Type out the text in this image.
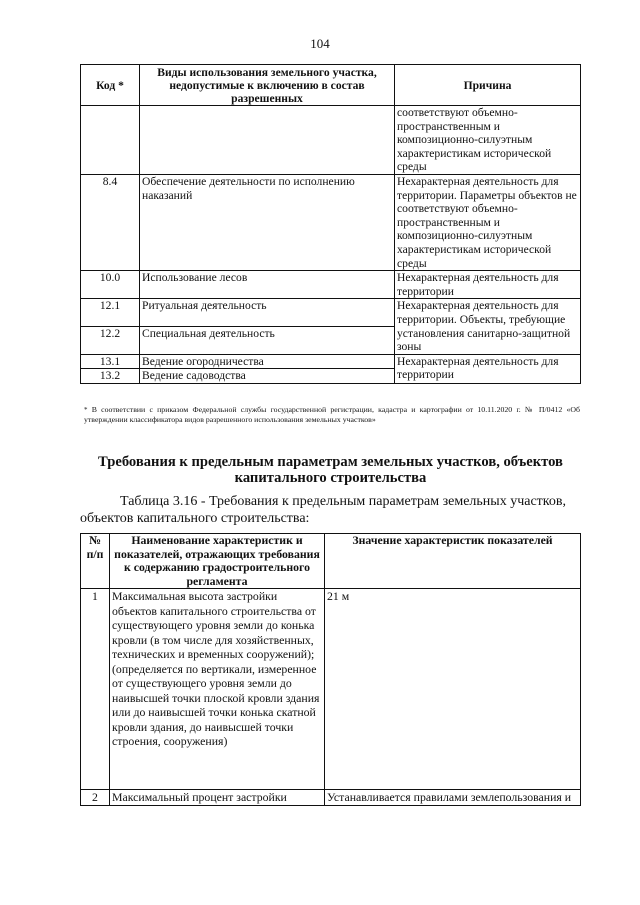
104
Код *	Виды использования земельного участка, недопустимые к включению в состав разрешенных	Причина
		соответствуют объемно-пространственным и композиционно-силуэтным характеристикам исторической среды
8.4	Обеспечение деятельности по исполнению наказаний	Нехарактерная деятельность для территории. Параметры объектов не соответствуют объемно-пространственным и композиционно-силуэтным характеристикам исторической среды
10.0	Использование лесов	Нехарактерная деятельность для территории
12.1	Ритуальная деятельность	Нехарактерная деятельность для территории. Объекты, требующие установления санитарно-защитной зоны
12.2	Специальная деятельность	
13.1	Ведение огородничества	Нехарактерная деятельность для территории
13.2	Ведение садоводства	
* В соответствии с приказом Федеральной службы государственной регистрации, кадастра и картографии от 10.11.2020 г. № П/0412 «Об утверждении классификатора видов разрешенного использования земельных участков»
Требования к предельным параметрам земельных участков, объектов капитального строительства
Таблица 3.16 - Требования к предельным параметрам земельных участков, объектов капитального строительства:
№ п/п	Наименование характеристик и показателей, отражающих требования к содержанию градостроительного регламента	Значение характеристик показателей
1	Максимальная высота застройки объектов капитального строительства от существующего уровня земли до конька кровли (в том числе для хозяйственных, технических и временных сооружений); (определяется по вертикали, измеренное от существующего уровня земли до наивысшей точки плоской кровли здания или до наивысшей точки конька скатной кровли здания, до наивысшей точки строения, сооружения)	21 м
2	Максимальный процент застройки	Устанавливается правилами землепользования и
